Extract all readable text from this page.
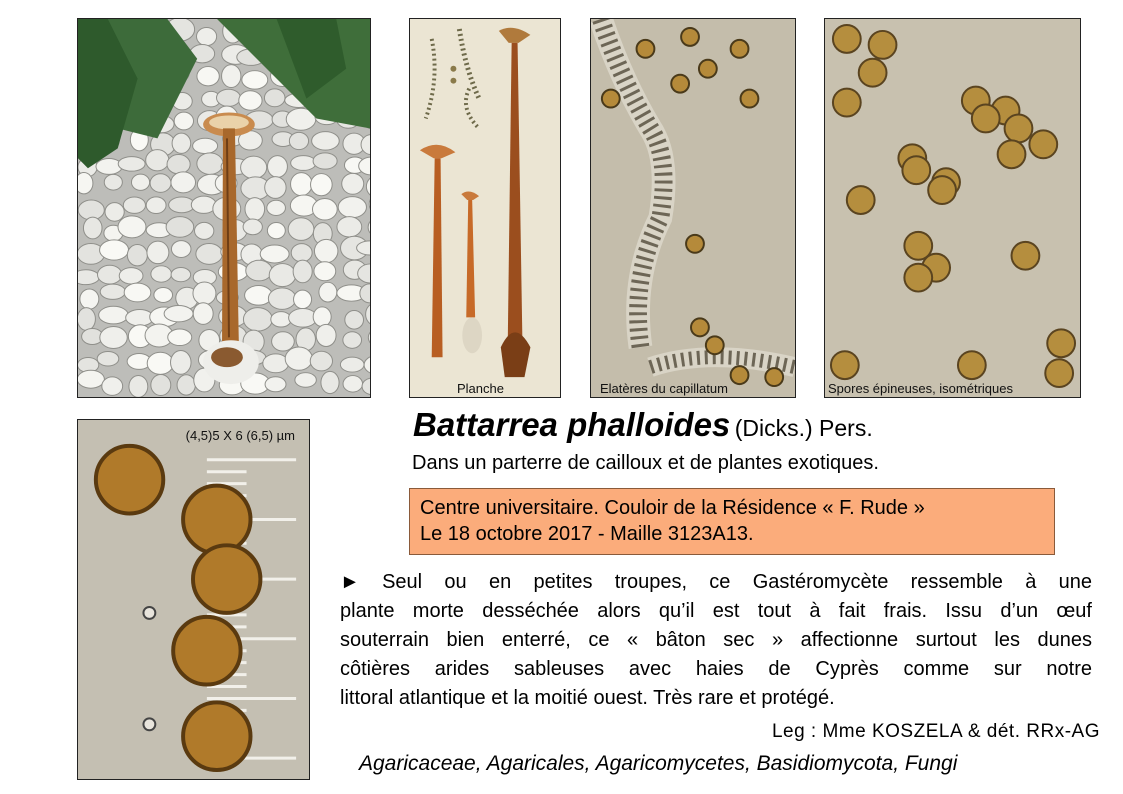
Planche	Elatères du capillatum	Spores épineuses, isométriques
(4,5)5 X 6 (6,5) µm	Battarrea phalloides (Dicks.) Pers.
Dans un parterre de cailloux et de plantes exotiques.
Centre universitaire. Couloir de la Résidence « F. Rude »
Le 18 octobre 2017 - Maille 3123A13.
► Seul ou en petites troupes, ce Gastéromycète ressemble à une
plante morte desséchée alors qu’il est tout à fait frais. Issu d’un œuf
souterrain bien enterré, ce « bâton sec » affectionne surtout les dunes
côtières arides sableuses avec haies de Cyprès comme sur notre
littoral atlantique et la moitié ouest. Très rare et protégé.
Leg : Mme KOSZELA & dét. RRx-AG
Agaricaceae, Agaricales, Agaricomycetes, Basidiomycota, Fungi
